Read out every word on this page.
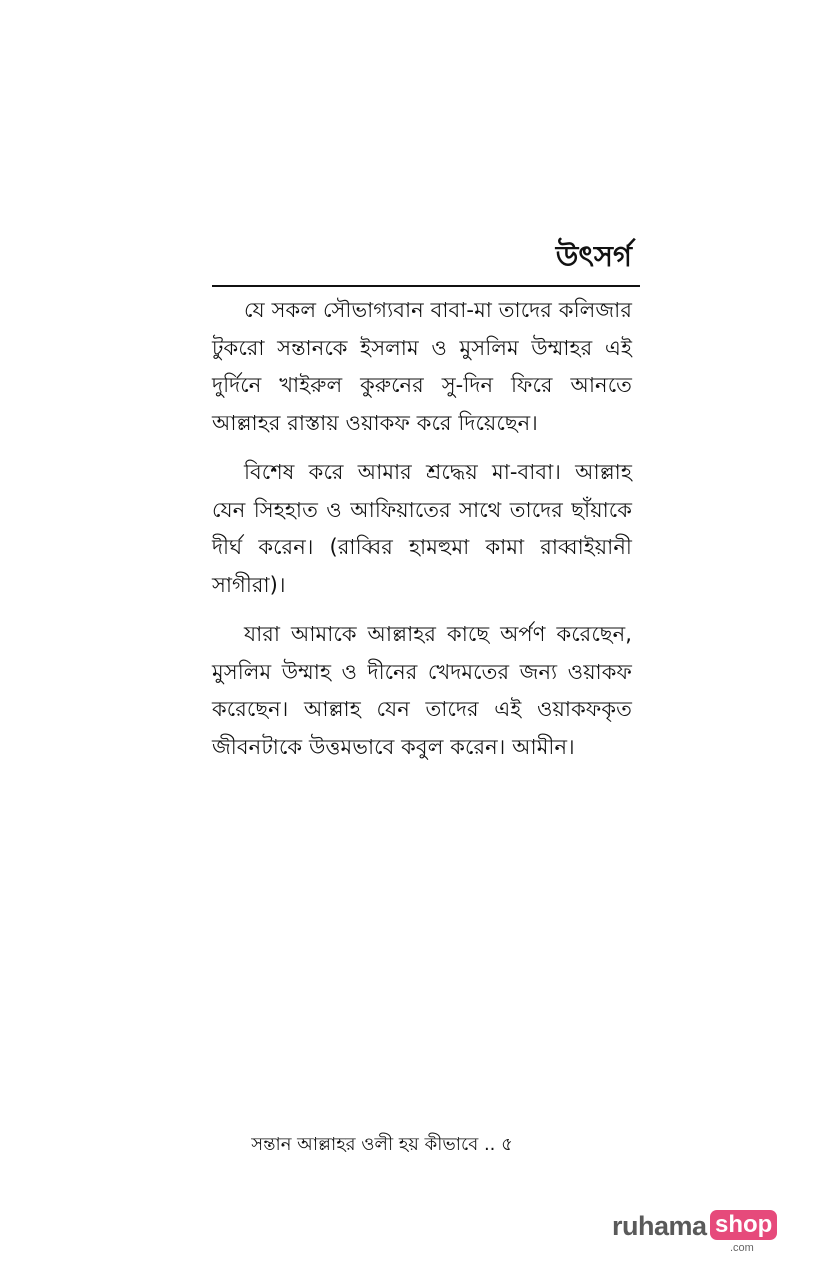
উৎসর্গ

যে সকল সৌভাগ্যবান বাবা-মা তাদের কলিজার টুকরো সন্তানকে ইসলাম ও মুসলিম উম্মাহর এই দুর্দিনে খাইরুল কুরুনের সু-দিন ফিরে আনতে আল্লাহর রাস্তায় ওয়াকফ করে দিয়েছেন।

বিশেষ করে আমার শ্রদ্ধেয় মা-বাবা। আল্লাহ যেন সিহহাত ও আফিয়াতের সাথে তাদের ছাঁয়াকে দীর্ঘ করেন। (রাব্বির হামহুমা কামা রাব্বাইয়ানী সাগীরা)।

যারা আমাকে আল্লাহর কাছে অর্পণ করেছেন, মুসলিম উম্মাহ ও দীনের খেদমতের জন্য ওয়াকফ করেছেন। আল্লাহ যেন তাদের এই ওয়াকফকৃত জীবনটাকে উত্তমভাবে কবুল করেন। আমীন।

সন্তান আল্লাহর ওলী হয় কীভাবে .. ৫
ruhama shop
.com
